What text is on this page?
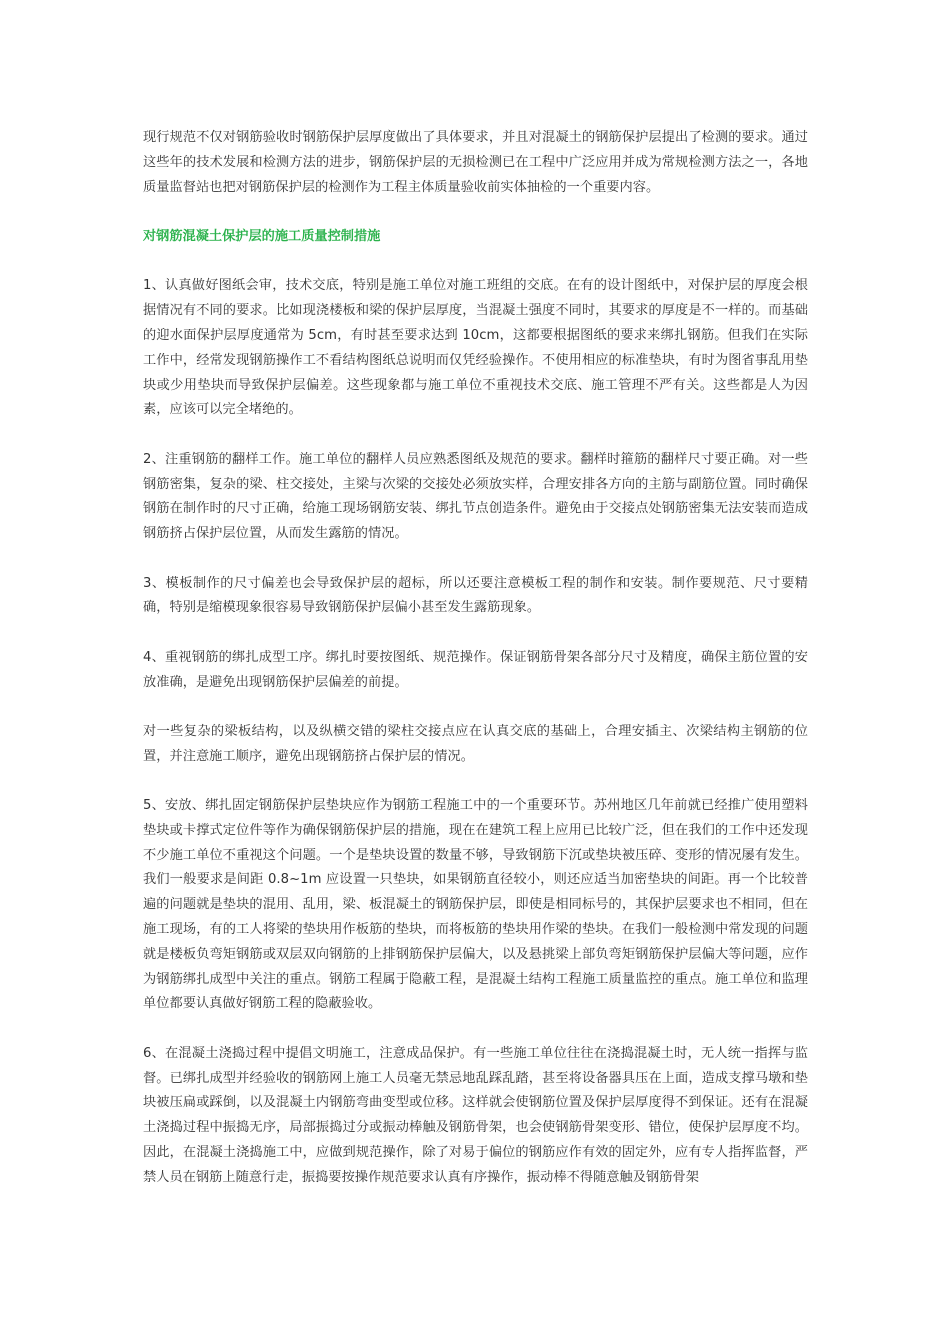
现行规范不仅对钢筋验收时钢筋保护层厚度做出了具体要求，并且对混凝土的钢筋保护层提出了检测的要求。通过这些年的技术发展和检测方法的进步，钢筋保护层的无损检测已在工程中广泛应用并成为常规检测方法之一，各地质量监督站也把对钢筋保护层的检测作为工程主体质量验收前实体抽检的一个重要内容。

对钢筋混凝土保护层的施工质量控制措施

1、认真做好图纸会审，技术交底，特别是施工单位对施工班组的交底。在有的设计图纸中，对保护层的厚度会根据情况有不同的要求。比如现浇楼板和梁的保护层厚度，当混凝土强度不同时，其要求的厚度是不一样的。而基础的迎水面保护层厚度通常为 5cm，有时甚至要求达到 10cm，这都要根据图纸的要求来绑扎钢筋。但我们在实际工作中，经常发现钢筋操作工不看结构图纸总说明而仅凭经验操作。不使用相应的标准垫块，有时为图省事乱用垫块或少用垫块而导致保护层偏差。这些现象都与施工单位不重视技术交底、施工管理不严有关。这些都是人为因素，应该可以完全堵绝的。

2、注重钢筋的翻样工作。施工单位的翻样人员应熟悉图纸及规范的要求。翻样时箍筋的翻样尺寸要正确。对一些钢筋密集，复杂的梁、柱交接处，主梁与次梁的交接处必须放实样，合理安排各方向的主筋与副筋位置。同时确保钢筋在制作时的尺寸正确，给施工现场钢筋安装、绑扎节点创造条件。避免由于交接点处钢筋密集无法安装而造成钢筋挤占保护层位置，从而发生露筋的情况。

3、模板制作的尺寸偏差也会导致保护层的超标，所以还要注意模板工程的制作和安装。制作要规范、尺寸要精确，特别是缩模现象很容易导致钢筋保护层偏小甚至发生露筋现象。

4、重视钢筋的绑扎成型工序。绑扎时要按图纸、规范操作。保证钢筋骨架各部分尺寸及精度，确保主筋位置的安放准确，是避免出现钢筋保护层偏差的前提。

对一些复杂的梁板结构，以及纵横交错的梁柱交接点应在认真交底的基础上，合理安插主、次梁结构主钢筋的位置，并注意施工顺序，避免出现钢筋挤占保护层的情况。

5、安放、绑扎固定钢筋保护层垫块应作为钢筋工程施工中的一个重要环节。苏州地区几年前就已经推广使用塑料垫块或卡撑式定位件等作为确保钢筋保护层的措施，现在在建筑工程上应用已比较广泛，但在我们的工作中还发现不少施工单位不重视这个问题。一个是垫块设置的数量不够，导致钢筋下沉或垫块被压碎、变形的情况屡有发生。我们一般要求是间距 0.8~1m 应设置一只垫块，如果钢筋直径较小，则还应适当加密垫块的间距。再一个比较普遍的问题就是垫块的混用、乱用，梁、板混凝土的钢筋保护层，即使是相同标号的，其保护层要求也不相同，但在施工现场，有的工人将梁的垫块用作板筋的垫块，而将板筋的垫块用作梁的垫块。在我们一般检测中常发现的问题就是楼板负弯矩钢筋或双层双向钢筋的上排钢筋保护层偏大，以及悬挑梁上部负弯矩钢筋保护层偏大等问题，应作为钢筋绑扎成型中关注的重点。钢筋工程属于隐蔽工程，是混凝土结构工程施工质量监控的重点。施工单位和监理单位都要认真做好钢筋工程的隐蔽验收。

6、在混凝土浇捣过程中提倡文明施工，注意成品保护。有一些施工单位往往在浇捣混凝土时，无人统一指挥与监督。已绑扎成型并经验收的钢筋网上施工人员毫无禁忌地乱踩乱踏，甚至将设备器具压在上面，造成支撑马墩和垫块被压扁或踩倒，以及混凝土内钢筋弯曲变型或位移。这样就会使钢筋位置及保护层厚度得不到保证。还有在混凝土浇捣过程中振捣无序，局部振捣过分或振动棒触及钢筋骨架，也会使钢筋骨架变形、错位，使保护层厚度不均。因此，在混凝土浇捣施工中，应做到规范操作，除了对易于偏位的钢筋应作有效的固定外，应有专人指挥监督，严禁人员在钢筋上随意行走，振捣要按操作规范要求认真有序操作，振动棒不得随意触及钢筋骨架
